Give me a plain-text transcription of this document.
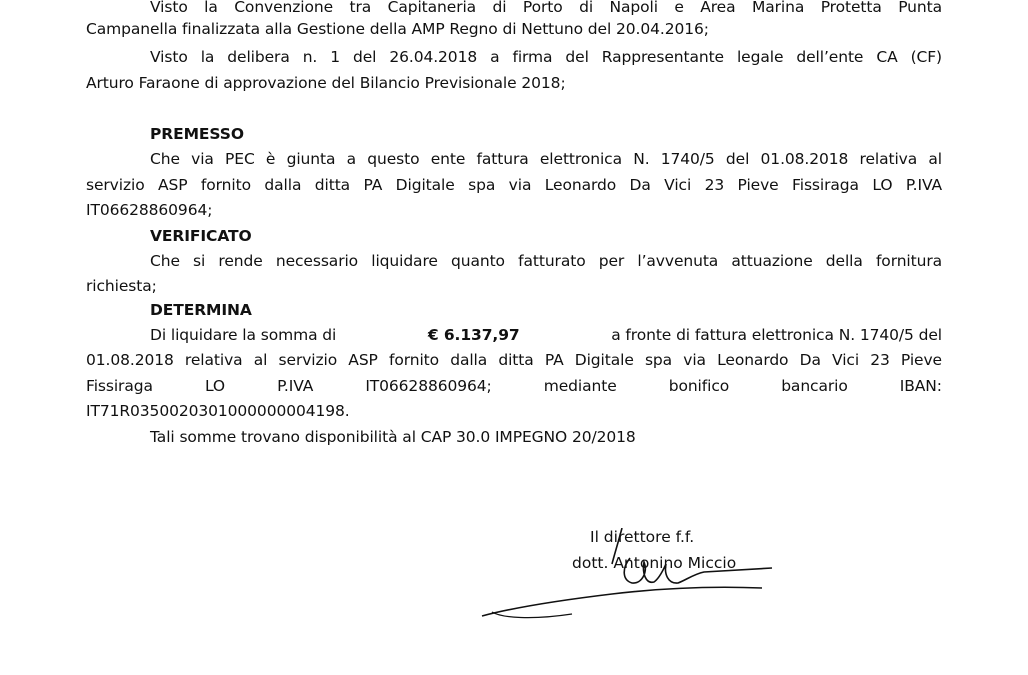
Visto la Convenzione tra Capitaneria di Porto di Napoli e Area Marina Protetta Punta

Campanella finalizzata alla Gestione della AMP Regno di Nettuno del 20.04.2016;

Visto la delibera n. 1 del 26.04.2018 a firma del Rappresentante legale dell’ente CA (CF)

Arturo Faraone di approvazione del Bilancio Previsionale 2018;

PREMESSO

Che via PEC è giunta a questo ente fattura elettronica N. 1740/5 del 01.08.2018 relativa al

servizio ASP fornito dalla ditta PA Digitale spa via Leonardo Da Vici 23 Pieve Fissiraga LO P.IVA

IT06628860964;

VERIFICATO

Che si rende necessario liquidare quanto fatturato per l’avvenuta attuazione della fornitura

richiesta;

DETERMINA

Di liquidare la somma di	€ 6.137,97	a fronte di fattura elettronica N. 1740/5 del

01.08.2018 relativa al servizio ASP fornito dalla ditta PA Digitale spa via Leonardo Da Vici 23 Pieve

Fissiraga	LO	P.IVA	IT06628860964;	mediante	bonifico	bancario	IBAN:

IT71R0350020301000000004198.

Tali somme trovano disponibilità al CAP 30.0 IMPEGNO 20/2018

Il direttore f.f.
dott. Antonino Miccio
